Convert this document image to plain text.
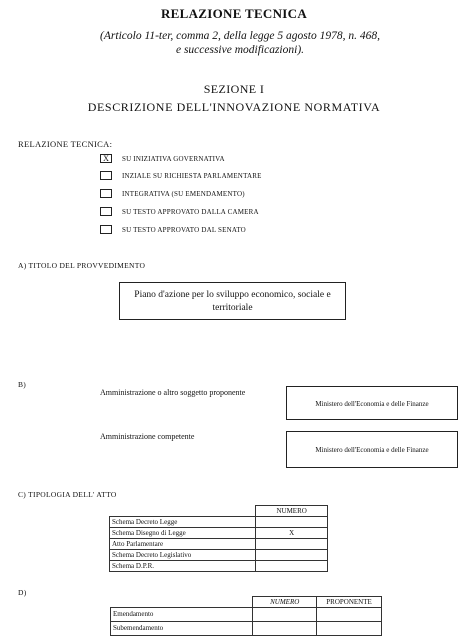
RELAZIONE TECNICA
(Articolo 11-ter, comma 2, della legge 5 agosto 1978, n. 468,
e successive modificazioni).
SEZIONE I
DESCRIZIONE DELL'INNOVAZIONE NORMATIVA
RELAZIONE TECNICA:
X	SU INIZIATIVA GOVERNATIVA
INZIALE SU RICHIESTA PARLAMENTARE
INTEGRATIVA (SU EMENDAMENTO)
SU TESTO APPROVATO DALLA CAMERA
SU TESTO APPROVATO DAL SENATO
A) TITOLO DEL PROVVEDIMENTO
Piano d'azione per lo sviluppo economico, sociale e territoriale
B)
Amministrazione o altro soggetto proponente
Ministero dell'Economia e delle Finanze
Amministrazione competente
Ministero dell'Economia e delle Finanze
C) TIPOLOGIA DELL' ATTO
	NUMERO
Schema Decreto Legge	
Schema Disegno di Legge	X
Atto Parlamentare	
Schema Decreto Legislativo	
Schema D.P.R.	
D)
	NUMERO	PROPONENTE
Emendamento		
Subemendamento		
